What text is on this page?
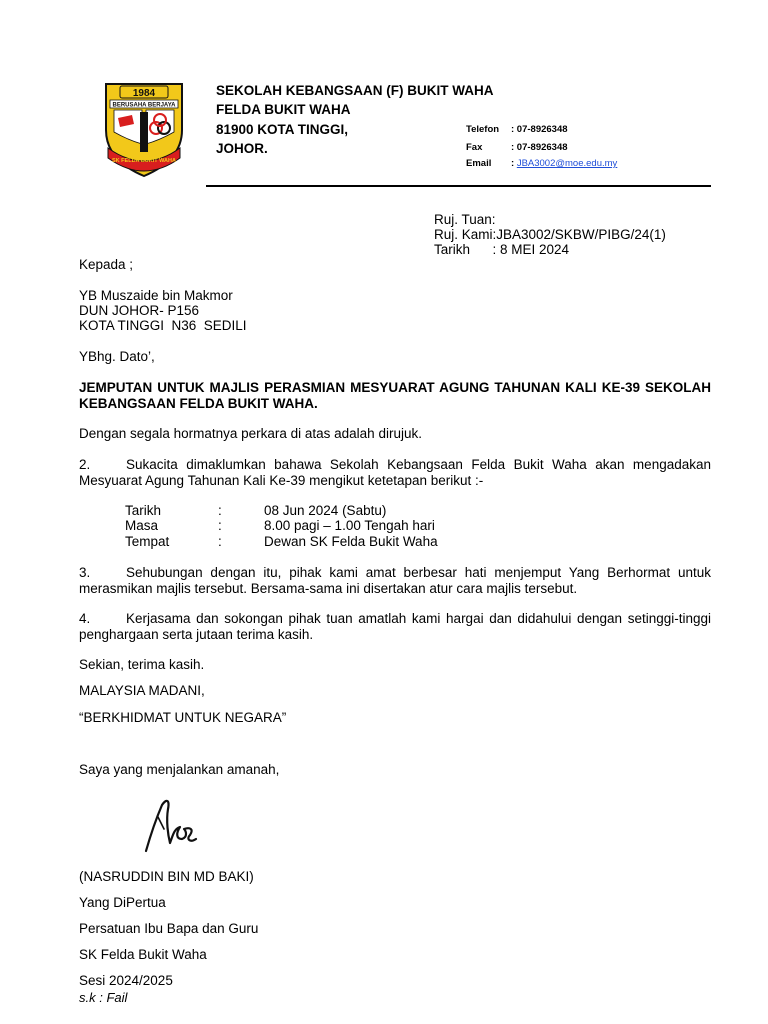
1984
BERUSAHA BERJAYA
SK FELDA BUKIT WAHA
SEKOLAH KEBANGSAAN (F) BUKIT WAHA
FELDA BUKIT WAHA
81900 KOTA TINGGI,
JOHOR.
Telefon : 07-8926348
Fax	: 07-8926348
Email : JBA3002@moe.edu.my
Ruj. Tuan:
Ruj. Kami:JBA3002/SKBW/PIBG/24(1)
Tarikh      : 8 MEI 2024
Kepada ;
YB Muszaide bin Makmor
DUN JOHOR- P156
KOTA TINGGI  N36  SEDILI
YBhg. Dato’,
JEMPUTAN UNTUK MAJLIS PERASMIAN MESYUARAT AGUNG TAHUNAN KALI KE-39 SEKOLAH KEBANGSAAN FELDA BUKIT WAHA.
Dengan segala hormatnya perkara di atas adalah dirujuk.
2.	Sukacita dimaklumkan bahawa Sekolah Kebangsaan Felda Bukit Waha akan mengadakan Mesyuarat Agung Tahunan Kali Ke-39 mengikut ketetapan berikut :-
Tarikh	:	08 Jun 2024 (Sabtu)
Masa	:	8.00 pagi – 1.00 Tengah hari
Tempat	:	Dewan SK Felda Bukit Waha
3.	Sehubungan dengan itu, pihak kami amat berbesar hati menjemput Yang Berhormat untuk merasmikan majlis tersebut. Bersama-sama ini disertakan atur cara majlis tersebut.
4.	Kerjasama dan sokongan pihak tuan amatlah kami hargai dan didahului dengan setinggi-tinggi penghargaan serta jutaan terima kasih.
Sekian, terima kasih.
MALAYSIA MADANI,
“BERKHIDMAT UNTUK NEGARA”
Saya yang menjalankan amanah,
(NASRUDDIN BIN MD BAKI)
Yang DiPertua
Persatuan Ibu Bapa dan Guru
SK Felda Bukit Waha
Sesi 2024/2025
s.k : Fail
